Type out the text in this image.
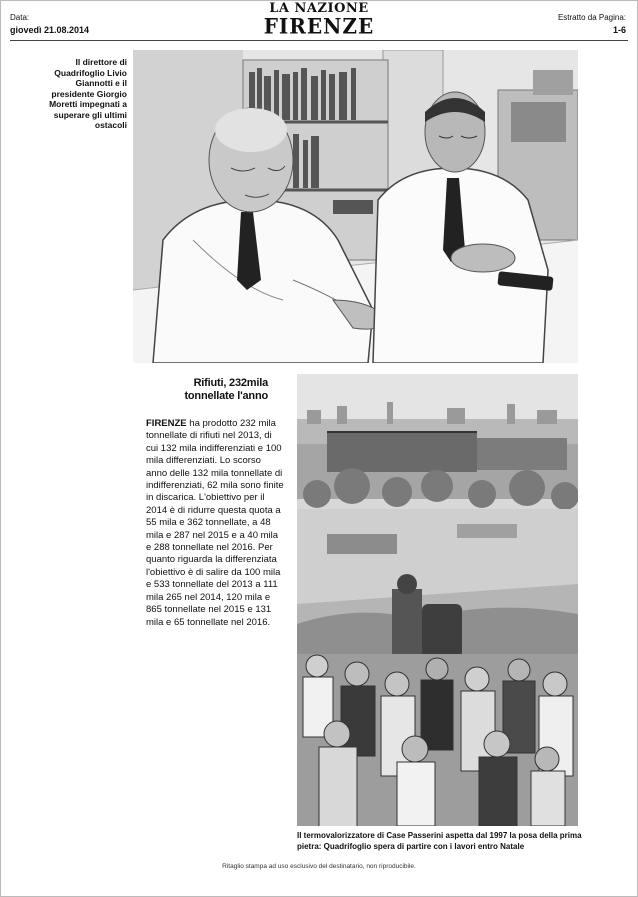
Data:
giovedì 21.08.2014
LA NAZIONE
FIRENZE	Estratto da Pagina:
1-6
Il direttore di Quadrifoglio Livio Giannotti e il presidente Giorgio Moretti impegnati a superare gli ultimi ostacoli
Rifiuti, 232mila tonnellate l'anno
FIRENZE ha prodotto 232 mila tonnellate di rifiuti nel 2013, di cui 132 mila indifferenziati e 100 mila differenziati. Lo scorso anno delle 132 mila tonnellate di indifferenziati, 62 mila sono finite in discarica. L'obiettivo per il 2014 è di ridurre questa quota a 55 mila e 362 tonnellate, a 48 mila e 287 nel 2015 e a 40 mila e 288 tonnellate nel 2016. Per quanto riguarda la differenziata l'obiettivo è di salire da 100 mila e 533 tonnellate del 2013 a 111 mila 265 nel 2014, 120 mila e 865 tonnellate nel 2015 e 131 mila e 65 tonnellate nel 2016.
Il termovalorizzatore di Case Passerini aspetta dal 1997 la posa della prima pietra: Quadrifoglio spera di partire con i lavori entro Natale
Ritaglio stampa ad uso esclusivo del destinatario, non riproducibile.
